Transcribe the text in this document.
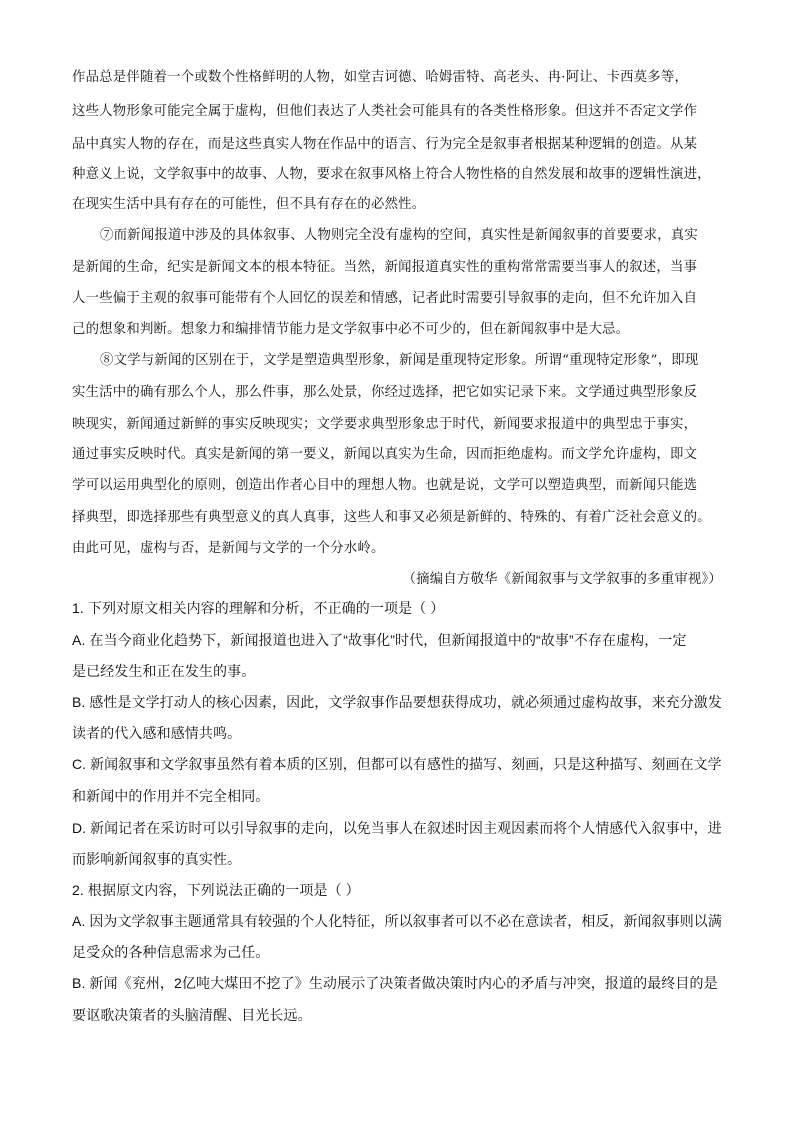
作品总是伴随着一个或数个性格鲜明的人物，如堂吉诃德、哈姆雷特、高老头、冉·阿让、卡西莫多等，
这些人物形象可能完全属于虚构，但他们表达了人类社会可能具有的各类性格形象。但这并不否定文学作
品中真实人物的存在，而是这些真实人物在作品中的语言、行为完全是叙事者根据某种逻辑的创造。从某
种意义上说，文学叙事中的故事、人物，要求在叙事风格上符合人物性格的自然发展和故事的逻辑性演进，
在现实生活中具有存在的可能性，但不具有存在的必然性。
⑦而新闻报道中涉及的具体叙事、人物则完全没有虚构的空间，真实性是新闻叙事的首要要求，真实
是新闻的生命，纪实是新闻文本的根本特征。当然，新闻报道真实性的重构常常需要当事人的叙述，当事
人一些偏于主观的叙事可能带有个人回忆的误差和情感，记者此时需要引导叙事的走向，但不允许加入自
己的想象和判断。想象力和编排情节能力是文学叙事中必不可少的，但在新闻叙事中是大忌。
⑧文学与新闻的区别在于，文学是塑造典型形象，新闻是重现特定形象。所谓“重现特定形象”，即现
实生活中的确有那么个人，那么件事，那么处景，你经过选择，把它如实记录下来。文学通过典型形象反
映现实，新闻通过新鲜的事实反映现实；文学要求典型形象忠于时代，新闻要求报道中的典型忠于事实，
通过事实反映时代。真实是新闻的第一要义，新闻以真实为生命，因而拒绝虚构。而文学允许虚构，即文
学可以运用典型化的原则，创造出作者心目中的理想人物。也就是说，文学可以塑造典型，而新闻只能选
择典型，即选择那些有典型意义的真人真事，这些人和事又必须是新鲜的、特殊的、有着广泛社会意义的。
由此可见，虚构与否，是新闻与文学的一个分水岭。
（摘编自方敬华《新闻叙事与文学叙事的多重审视》）
1. 下列对原文相关内容的理解和分析，不正确的一项是（ ）
A. 在当今商业化趋势下，新闻报道也进入了“故事化”时代，但新闻报道中的“故事”不存在虚构，一定
是已经发生和正在发生的事。
B. 感性是文学打动人的核心因素，因此，文学叙事作品要想获得成功，就必须通过虚构故事，来充分激发
读者的代入感和感情共鸣。
C. 新闻叙事和文学叙事虽然有着本质的区别，但都可以有感性的描写、刻画，只是这种描写、刻画在文学
和新闻中的作用并不完全相同。
D. 新闻记者在采访时可以引导叙事的走向，以免当事人在叙述时因主观因素而将个人情感代入叙事中，进
而影响新闻叙事的真实性。
2. 根据原文内容，下列说法正确的一项是（ ）
A. 因为文学叙事主题通常具有较强的个人化特征，所以叙事者可以不必在意读者，相反，新闻叙事则以满
足受众的各种信息需求为己任。
B. 新闻《兖州，2亿吨大煤田不挖了》生动展示了决策者做决策时内心的矛盾与冲突，报道的最终目的是
要讴歌决策者的头脑清醒、目光长远。
